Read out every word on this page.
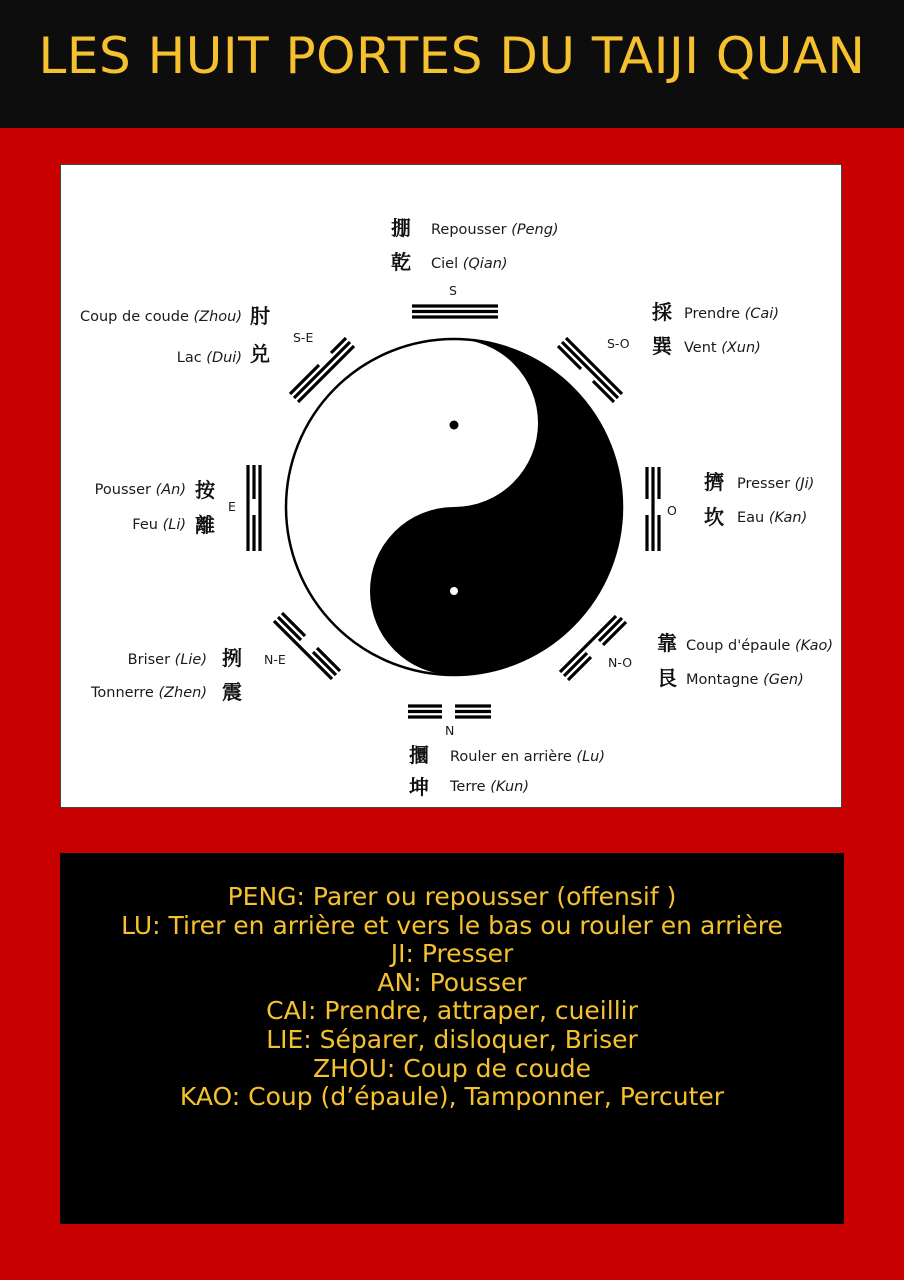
LES HUIT PORTES DU TAIJI QUAN
掤 Repousser (Peng)
乾 Ciel (Qian)
S
採 Prendre (Cai)
巽 Vent (Xun)
S-O
Coup de coude (Zhou) 肘
Lac (Dui) 兑
S-E
Pousser (An) 按
Feu (Li) 離
E
擠 Presser (Ji)
坎 Eau (Kan)
O
Briser (Lie) 挒
Tonnerre (Zhen) 震
N-E
靠 Coup d'épaule (Kao)
艮 Montagne (Gen)
N-O
N
攌 Rouler en arrière (Lu)
坤 Terre (Kun)
PENG: Parer ou repousser (offensif )
LU: Tirer en arrière et vers le bas ou rouler en arrière
JI: Presser
AN: Pousser
CAI: Prendre, attraper, cueillir
LIE: Séparer, disloquer, Briser
ZHOU: Coup de coude
KAO: Coup (d’épaule), Tamponner, Percuter
